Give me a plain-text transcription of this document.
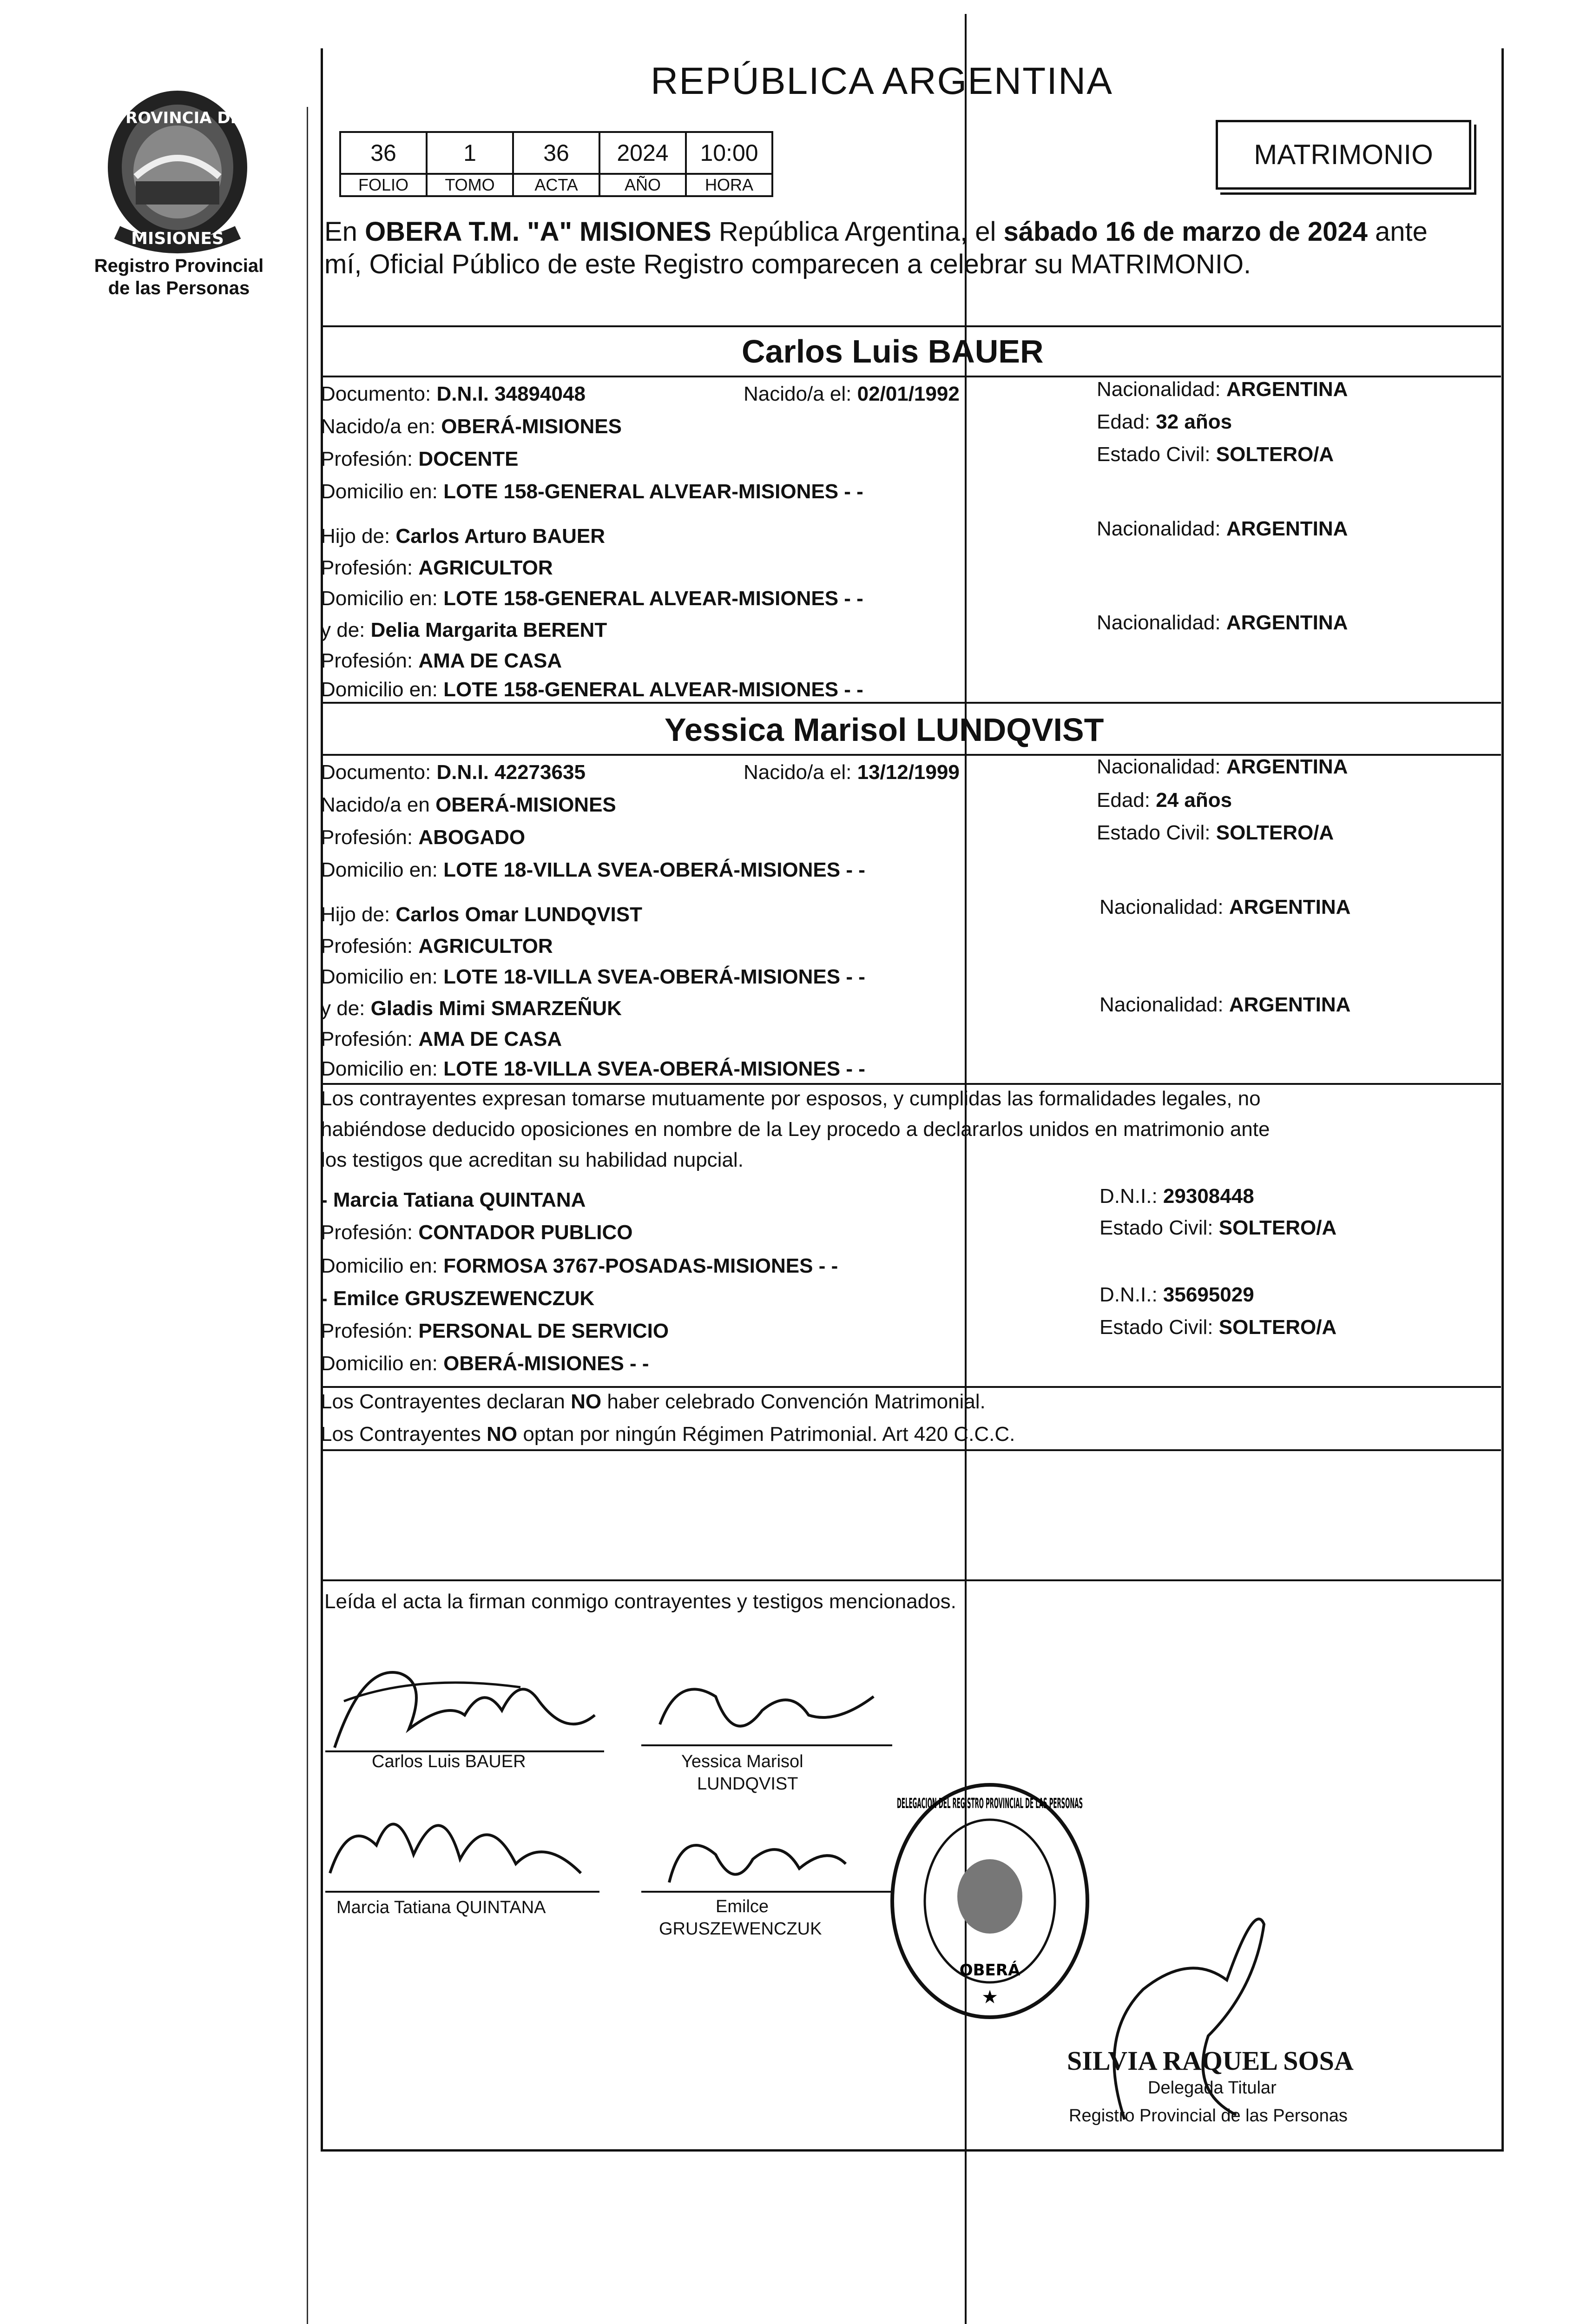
PROVINCIA DE
MISIONES
Registro Provincial
de las Personas
REPÚBLICA ARGENTINA
36	1	36	2024	10:00
FOLIO	TOMO	ACTA	AÑO	HORA
MATRIMONIO
En OBERA T.M. "A" MISIONES República Argentina, el sábado 16 de marzo de 2024 ante
mí, Oficial Público de este Registro comparecen a celebrar su MATRIMONIO.
Carlos Luis BAUER
Documento: D.N.I. 34894048	Nacido/a el: 02/01/1992	Nacionalidad: ARGENTINA
Nacido/a en: OBERÁ-MISIONES	Edad: 32 años
Profesión: DOCENTE	Estado Civil: SOLTERO/A
Domicilio en: LOTE 158-GENERAL ALVEAR-MISIONES - -
Hijo de: Carlos Arturo BAUER	Nacionalidad: ARGENTINA
Profesión: AGRICULTOR
Domicilio en: LOTE 158-GENERAL ALVEAR-MISIONES - -
y de: Delia Margarita BERENT	Nacionalidad: ARGENTINA
Profesión: AMA DE CASA
Domicilio en: LOTE 158-GENERAL ALVEAR-MISIONES - -
Yessica Marisol LUNDQVIST
Documento: D.N.I. 42273635	Nacido/a el: 13/12/1999	Nacionalidad: ARGENTINA
Nacido/a en OBERÁ-MISIONES	Edad: 24 años
Profesión: ABOGADO	Estado Civil: SOLTERO/A
Domicilio en: LOTE 18-VILLA SVEA-OBERÁ-MISIONES - -
Hijo de: Carlos Omar LUNDQVIST	Nacionalidad: ARGENTINA
Profesión: AGRICULTOR
Domicilio en: LOTE 18-VILLA SVEA-OBERÁ-MISIONES - -
y de: Gladis Mimi SMARZEÑUK	Nacionalidad: ARGENTINA
Profesión: AMA DE CASA
Domicilio en: LOTE 18-VILLA SVEA-OBERÁ-MISIONES - -
Los contrayentes expresan tomarse mutuamente por esposos, y cumplidas las formalidades legales, no
habiéndose deducido oposiciones en nombre de la Ley procedo a declararlos unidos en matrimonio ante
los testigos que acreditan su habilidad nupcial.
- Marcia Tatiana QUINTANA	D.N.I.: 29308448
Profesión: CONTADOR PUBLICO	Estado Civil: SOLTERO/A
Domicilio en: FORMOSA 3767-POSADAS-MISIONES - -
- Emilce GRUSZEWENCZUK	D.N.I.: 35695029
Profesión: PERSONAL DE SERVICIO	Estado Civil: SOLTERO/A
Domicilio en: OBERÁ-MISIONES - -
Los Contrayentes declaran NO haber celebrado Convención Matrimonial.
Los Contrayentes NO optan por ningún Régimen Patrimonial. Art 420 C.C.C.
Leída el acta la firman conmigo contrayentes y testigos mencionados.
Carlos Luis BAUER	Yessica Marisol
LUNDQVIST
Marcia Tatiana QUINTANA	Emilce
GRUSZEWENCZUK
DELEGACION DEL REGISTRO PROVINCIAL DE LAS PERSONAS
OBERÁ
★
SILVIA RAQUEL SOSA
Delegada Titular
Registro Provincial de las Personas
